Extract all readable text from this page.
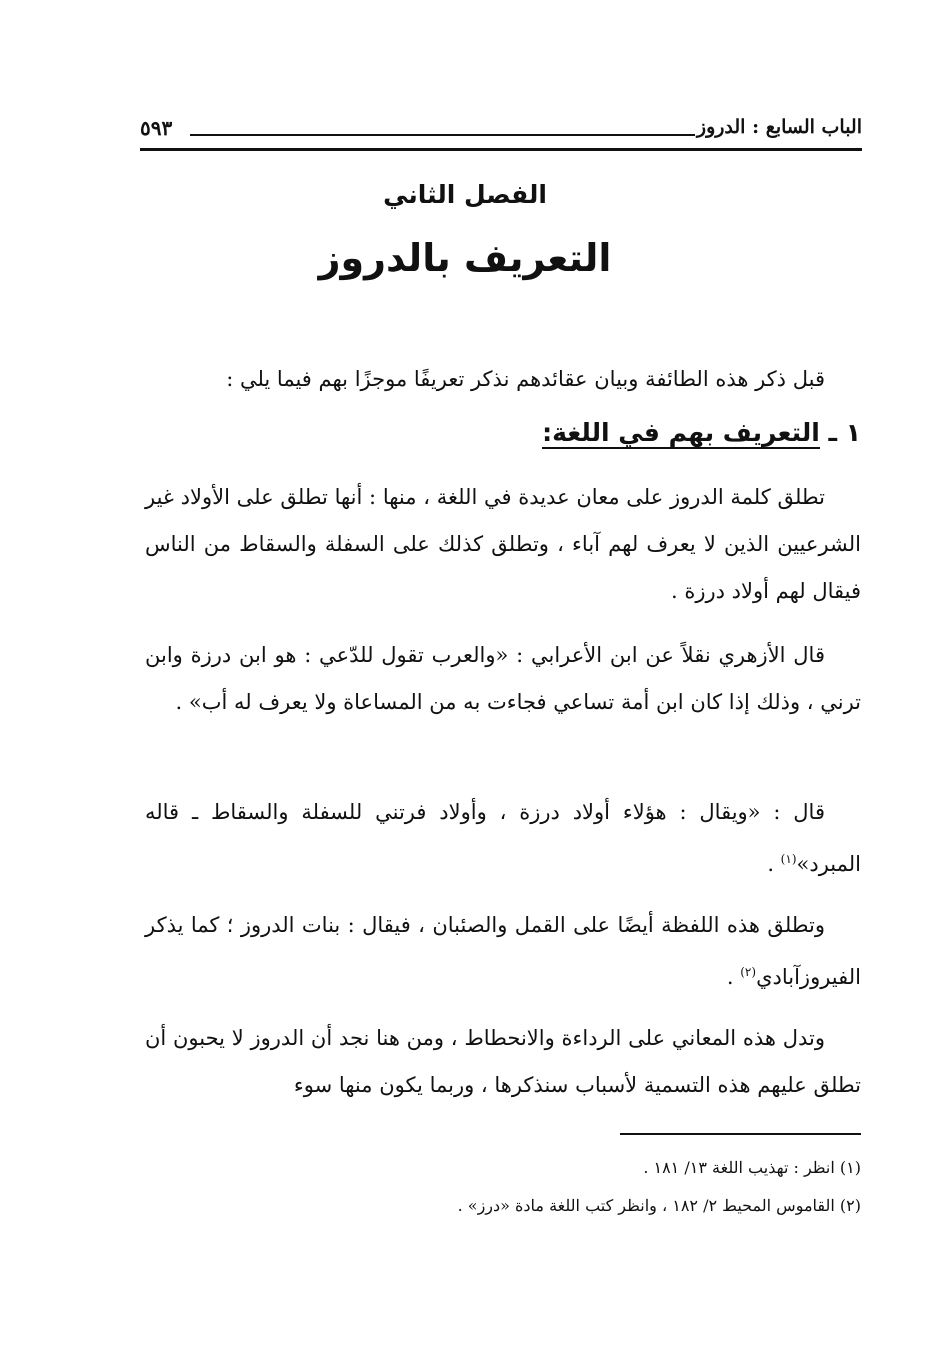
الباب السابع : الدروز
٥٩٣
الفصل الثاني
التعريف بالدروز
قبل ذكر هذه الطائفة وبيان عقائدهم نذكر تعريفًا موجزًا بهم فيما يلي :
١ ـ التعريف بهم في اللغة:
تطلق كلمة الدروز على معان عديدة في اللغة ، منها : أنها تطلق على الأولاد غير الشرعيين الذين لا يعرف لهم آباء ، وتطلق كذلك على السفلة والسقاط من الناس فيقال لهم أولاد درزة .
قال الأزهري نقلاً عن ابن الأعرابي : «والعرب تقول للدّعي : هو ابن درزة وابن ترني ، وذلك إذا كان ابن أمة تساعي فجاءت به من المساعاة ولا يعرف له أب» .
قال : «ويقال : هؤلاء أولاد درزة ، وأولاد فرتني للسفلة والسقاط ـ قاله المبرد»$^{(١)}$ .
وتطلق هذه اللفظة أيضًا على القمل والصئبان ، فيقال : بنات الدروز ؛ كما يذكر الفيروزآبادي$^{(٢)}$ .
وتدل هذه المعاني على الرداءة والانحطاط ، ومن هنا نجد أن الدروز لا يحبون أن تطلق عليهم هذه التسمية لأسباب سنذكرها ، وربما يكون منها سوء
(١) انظر : تهذيب اللغة ١٣/ ١٨١ .
(٢) القاموس المحيط ٢/ ١٨٢ ، وانظر كتب اللغة مادة «درز» .
